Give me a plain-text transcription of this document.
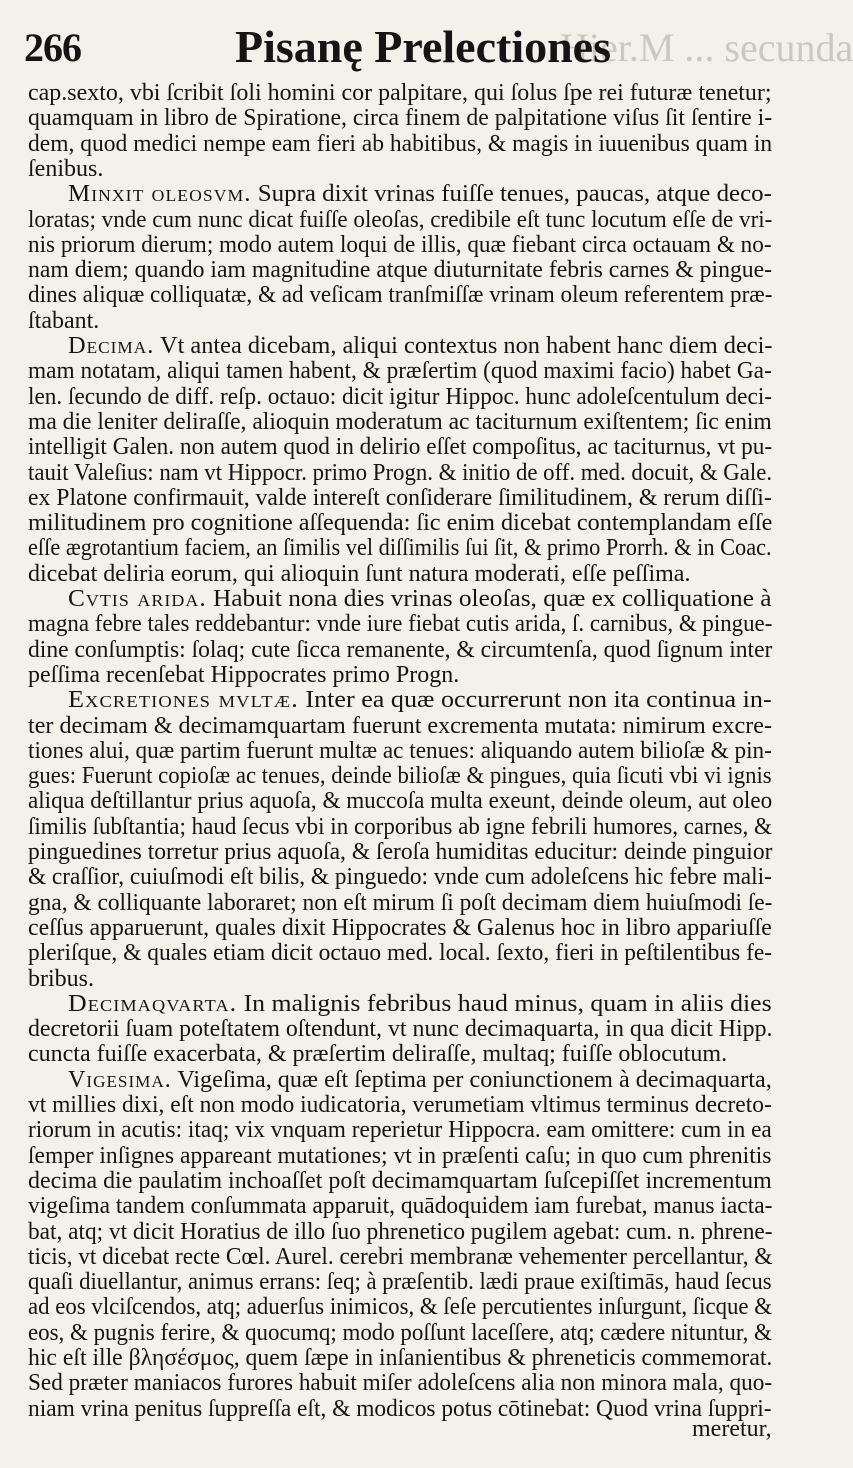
Hier.M ... secunda
266	Pisanę Prelectiones
cap.sexto, vbi ſcribit ſoli homini cor palpitare, qui ſolus ſpe rei futuræ tenetur;
quamquam in libro de Spiratione, circa finem de palpitatione viſus ſit ſentire i-
dem, quod medici nempe eam fieri ab habitibus, & magis in iuuenibus quam in
ſenibus.
Minxit oleosvm. Supra dixit vrinas fuiſſe tenues, paucas, atque deco-
loratas; vnde cum nunc dicat fuiſſe oleoſas, credibile eſt tunc locutum eſſe de vri-
nis priorum dierum; modo autem loqui de illis, quæ fiebant circa octauam & no-
nam diem; quando iam magnitudine atque diuturnitate febris carnes & pingue-
dines aliquæ colliquatæ, & ad veſicam tranſmiſſæ vrinam oleum referentem præ-
ſtabant.
Decima. Vt antea dicebam, aliqui contextus non habent hanc diem deci-
mam notatam, aliqui tamen habent, & præſertim (quod maximi facio) habet Ga-
len. ſecundo de diff. reſp. octauo: dicit igitur Hippoc. hunc adoleſcentulum deci-
ma die leniter deliraſſe, alioquin moderatum ac taciturnum exiſtentem; ſic enim
intelligit Galen. non autem quod in delirio eſſet compoſitus, ac taciturnus, vt pu-
tauit Valeſius: nam vt Hippocr. primo Progn. & initio de off. med. docuit, & Gale.
ex Platone confirmauit, valde intereſt conſiderare ſimilitudinem, & rerum diſſi-
militudinem pro cognitione aſſequenda: ſic enim dicebat contemplandam eſſe
eſſe ægrotantium faciem, an ſimilis vel diſſimilis ſui ſit, & primo Prorrh. & in Coac.
dicebat deliria eorum, qui alioquin ſunt natura moderati, eſſe peſſima.
Cvtis arida. Habuit nona dies vrinas oleoſas, quæ ex colliquatione à
magna febre tales reddebantur: vnde iure fiebat cutis arida, ſ. carnibus, & pingue-
dine conſumptis: ſolaq; cute ſicca remanente, & circumtenſa, quod ſignum inter
peſſima recenſebat Hippocrates primo Progn.
Excretiones mvltæ. Inter ea quæ occurrerunt non ita continua in-
ter decimam & decimamquartam fuerunt excrementa mutata: nimirum excre-
tiones alui, quæ partim fuerunt multæ ac tenues: aliquando autem bilioſæ & pin-
gues: Fuerunt copioſæ ac tenues, deinde bilioſæ & pingues, quia ſicuti vbi vi ignis
aliqua deſtillantur prius aquoſa, & muccoſa multa exeunt, deinde oleum, aut oleo
ſimilis ſubſtantia; haud ſecus vbi in corporibus ab igne febrili humores, carnes, &
pinguedines torretur prius aquoſa, & ſeroſa humiditas educitur: deinde pinguior
& craſſior, cuiuſmodi eſt bilis, & pinguedo: vnde cum adoleſcens hic febre mali-
gna, & colliquante laboraret; non eſt mirum ſi poſt decimam diem huiuſmodi ſe-
ceſſus apparuerunt, quales dixit Hippocrates & Galenus hoc in libro appariuſſe
pleriſque, & quales etiam dicit octauo med. local. ſexto, fieri in peſtilentibus fe-
bribus.
Decimaqvarta. In malignis febribus haud minus, quam in aliis dies
decretorii ſuam poteſtatem oſtendunt, vt nunc decimaquarta, in qua dicit Hipp.
cuncta fuiſſe exacerbata, & præſertim deliraſſe, multaq; fuiſſe oblocutum.
Vigesima. Vigeſima, quæ eſt ſeptima per coniunctionem à decimaquarta,
vt millies dixi, eſt non modo iudicatoria, verumetiam vltimus terminus decreto-
riorum in acutis: itaq; vix vnquam reperietur Hippocra. eam omittere: cum in ea
ſemper inſignes appareant mutationes; vt in præſenti caſu; in quo cum phrenitis
decima die paulatim inchoaſſet poſt decimamquartam ſuſcepiſſet incrementum
vigeſima tandem conſummata apparuit, quādoquidem iam furebat, manus iacta-
bat, atq; vt dicit Horatius de illo ſuo phrenetico pugilem agebat: cum. n. phrene-
ticis, vt dicebat recte Cœl. Aurel. cerebri membranæ vehementer percellantur, &
quaſi diuellantur, animus errans: ſeq; à præſentib. lædi praue exiſtimās, haud ſecus
ad eos vlciſcendos, atq; aduerſus inimicos, & ſeſe percutientes inſurgunt, ſicque &
eos, & pugnis ferire, & quocumq; modo poſſunt laceſſere, atq; cædere nituntur, &
hic eſt ille βλησέσμος, quem ſæpe in inſanientibus & phreneticis commemorat.
Sed præter maniacos furores habuit miſer adoleſcens alia non minora mala, quo-
niam vrina penitus ſuppreſſa eſt, & modicos potus cōtinebat: Quod vrina ſuppri-
meretur,
